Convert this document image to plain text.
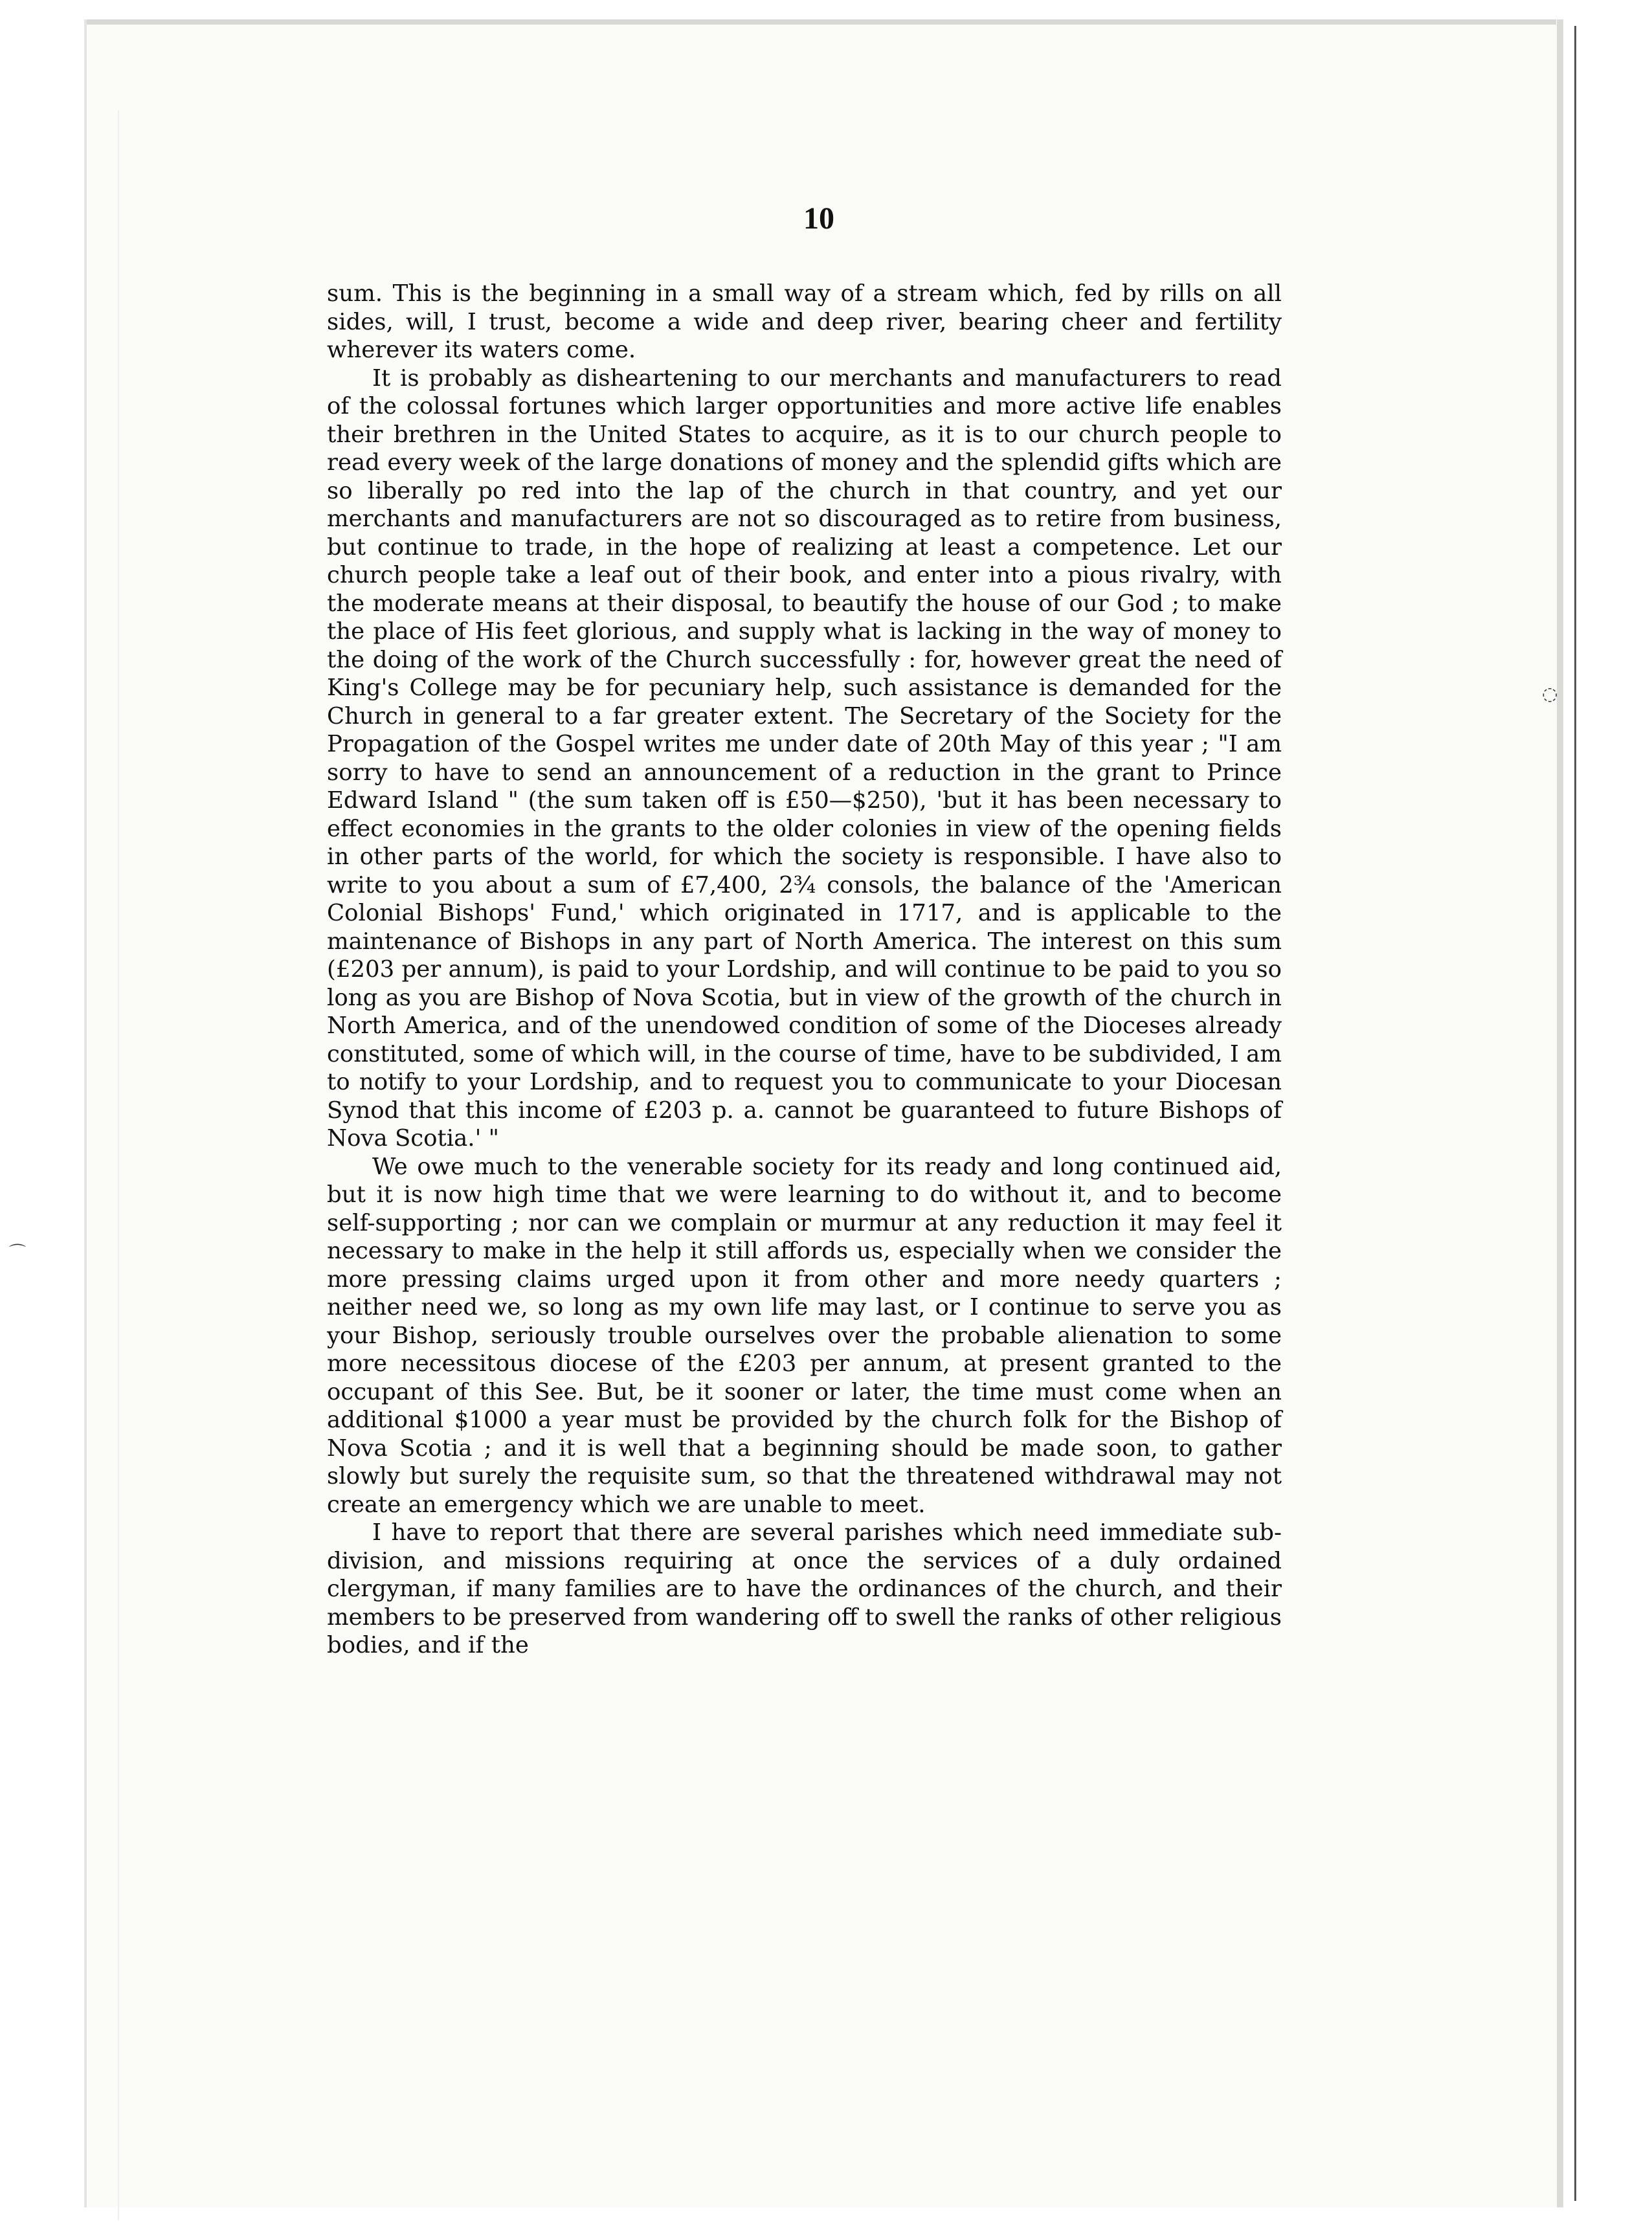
10

sum. This is the beginning in a small way of a stream which, fed by rills on all sides, will, I trust, become a wide and deep river, bearing cheer and fertility wherever its waters come.

It is probably as disheartening to our merchants and manufacturers to read of the colossal fortunes which larger opportunities and more active life enables their brethren in the United States to acquire, as it is to our church people to read every week of the large donations of money and the splendid gifts which are so liberally po red into the lap of the church in that country, and yet our merchants and manufacturers are not so discouraged as to retire from business, but continue to trade, in the hope of realizing at least a competence. Let our church people take a leaf out of their book, and enter into a pious rivalry, with the moderate means at their disposal, to beautify the house of our God ; to make the place of His feet glorious, and supply what is lacking in the way of money to the doing of the work of the Church successfully : for, however great the need of King's College may be for pecuniary help, such assistance is demanded for the Church in general to a far greater extent. The Secretary of the Society for the Propagation of the Gospel writes me under date of 20th May of this year ; "I am sorry to have to send an announcement of a reduction in the grant to Prince Edward Island " (the sum taken off is £50—$250), 'but it has been necessary to effect economies in the grants to the older colonies in view of the opening fields in other parts of the world, for which the society is responsible. I have also to write to you about a sum of £7,400, 2¾ consols, the balance of the 'American Colonial Bishops' Fund,' which originated in 1717, and is applicable to the maintenance of Bishops in any part of North America. The interest on this sum (£203 per annum), is paid to your Lordship, and will continue to be paid to you so long as you are Bishop of Nova Scotia, but in view of the growth of the church in North America, and of the unendowed condition of some of the Dioceses already constituted, some of which will, in the course of time, have to be subdivided, I am to notify to your Lordship, and to request you to communicate to your Diocesan Synod that this income of £203 p. a. cannot be guaranteed to future Bishops of Nova Scotia.' "

We owe much to the venerable society for its ready and long continued aid, but it is now high time that we were learning to do without it, and to become self-supporting ; nor can we complain or murmur at any reduction it may feel it necessary to make in the help it still affords us, especially when we consider the more pressing claims urged upon it from other and more needy quarters ; neither need we, so long as my own life may last, or I continue to serve you as your Bishop, seriously trouble ourselves over the probable alienation to some more necessitous diocese of the £203 per annum, at present granted to the occupant of this See. But, be it sooner or later, the time must come when an additional $1000 a year must be provided by the church folk for the Bishop of Nova Scotia ; and it is well that a beginning should be made soon, to gather slowly but surely the requisite sum, so that the threatened withdrawal may not create an emergency which we are unable to meet.

I have to report that there are several parishes which need immediate sub-division, and missions requiring at once the services of a duly ordained clergyman, if many families are to have the ordinances of the church, and their members to be preserved from wandering off to swell the ranks of other religious bodies, and if the

◌
⌒
